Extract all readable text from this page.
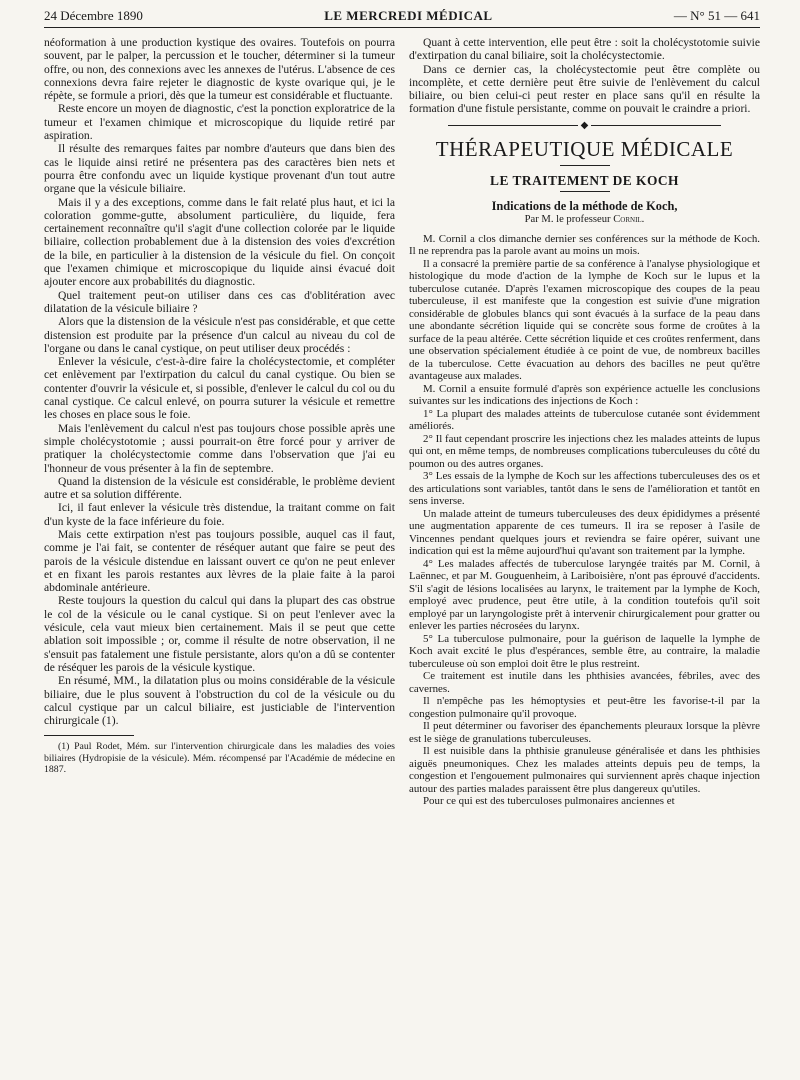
24 Décembre 1890	LE MERCREDI MÉDICAL	— N° 51 — 641

néoformation à une production kystique des ovaires. Toutefois on pourra souvent, par le palper, la percussion et le toucher, déterminer si la tumeur offre, ou non, des connexions avec les annexes de l'utérus. L'absence de ces connexions devra faire rejeter le diagnostic de kyste ovarique qui, je le répète, se formule a priori, dès que la tumeur est considérable et fluctuante.

Reste encore un moyen de diagnostic, c'est la ponction exploratrice de la tumeur et l'examen chimique et microscopique du liquide retiré par aspiration.

Il résulte des remarques faites par nombre d'auteurs que dans bien des cas le liquide ainsi retiré ne présentera pas des caractères bien nets et pourra être confondu avec un liquide kystique provenant d'un tout autre organe que la vésicule biliaire.

Mais il y a des exceptions, comme dans le fait relaté plus haut, et ici la coloration gomme-gutte, absolument particulière, du liquide, fera certainement reconnaître qu'il s'agit d'une collection colorée par le liquide biliaire, collection probablement due à la distension des voies d'excrétion de la bile, en particulier à la distension de la vésicule du fiel. On conçoit que l'examen chimique et microscopique du liquide ainsi évacué doit ajouter encore aux probabilités du diagnostic.

Quel traitement peut-on utiliser dans ces cas d'oblitération avec dilatation de la vésicule biliaire ?

Alors que la distension de la vésicule n'est pas considérable, et que cette distension est produite par la présence d'un calcul au niveau du col de l'organe ou dans le canal cystique, on peut utiliser deux procédés :

Enlever la vésicule, c'est-à-dire faire la cholécystectomie, et compléter cet enlèvement par l'extirpation du calcul du canal cystique. Ou bien se contenter d'ouvrir la vésicule et, si possible, d'enlever le calcul du col ou du canal cystique. Ce calcul enlevé, on pourra suturer la vésicule et remettre les choses en place sous le foie.

Mais l'enlèvement du calcul n'est pas toujours chose possible après une simple cholécystotomie ; aussi pourrait-on être forcé pour y arriver de pratiquer la cholécystectomie comme dans l'observation que j'ai eu l'honneur de vous présenter à la fin de septembre.

Quand la distension de la vésicule est considérable, le problème devient autre et sa solution différente.

Ici, il faut enlever la vésicule très distendue, la traitant comme on fait d'un kyste de la face inférieure du foie.

Mais cette extirpation n'est pas toujours possible, auquel cas il faut, comme je l'ai fait, se contenter de réséquer autant que faire se peut des parois de la vésicule distendue en laissant ouvert ce qu'on ne peut enlever et en fixant les parois restantes aux lèvres de la plaie faite à la paroi abdominale antérieure.

Reste toujours la question du calcul qui dans la plupart des cas obstrue le col de la vésicule ou le canal cystique. Si on peut l'enlever avec la vésicule, cela vaut mieux bien certainement. Mais il se peut que cette ablation soit impossible ; or, comme il résulte de notre observation, il ne s'ensuit pas fatalement une fistule persistante, alors qu'on a dû se contenter de réséquer les parois de la vésicule kystique.

En résumé, MM., la dilatation plus ou moins considérable de la vésicule biliaire, due le plus souvent à l'obstruction du col de la vésicule ou du calcul cystique par un calcul biliaire, est justiciable de l'intervention chirurgicale (1).

(1) Paul Rodet, Mém. sur l'intervention chirurgicale dans les maladies des voies biliaires (Hydropisie de la vésicule). Mém. récompensé par l'Académie de médecine en 1887.

Quant à cette intervention, elle peut être : soit la cholécystotomie suivie d'extirpation du canal biliaire, soit la cholécystectomie.

Dans ce dernier cas, la cholécystectomie peut être complète ou incomplète, et cette dernière peut être suivie de l'enlèvement du calcul biliaire, ou bien celui-ci peut rester en place sans qu'il en résulte la formation d'une fistule persistante, comme on pouvait le craindre a priori.

◆
THÉRAPEUTIQUE MÉDICALE
LE TRAITEMENT DE KOCH
Indications de la méthode de Koch,
Par M. le professeur Cornil.

M. Cornil a clos dimanche dernier ses conférences sur la méthode de Koch. Il ne reprendra pas la parole avant au moins un mois.

Il a consacré la première partie de sa conférence à l'analyse physiologique et histologique du mode d'action de la lymphe de Koch sur le lupus et la tuberculose cutanée. D'après l'examen microscopique des coupes de la peau tuberculeuse, il est manifeste que la congestion est suivie d'une migration considérable de globules blancs qui sont évacués à la surface de la peau dans une abondante sécrétion liquide qui se concrète sous forme de croûtes à la surface de la peau altérée. Cette sécrétion liquide et ces croûtes renferment, dans une observation spécialement étudiée à ce point de vue, de nombreux bacilles de la tuberculose. Cette évacuation au dehors des bacilles ne peut qu'être avantageuse aux malades.

M. Cornil a ensuite formulé d'après son expérience actuelle les conclusions suivantes sur les indications des injections de Koch :

1° La plupart des malades atteints de tuberculose cutanée sont évidemment améliorés.

2° Il faut cependant proscrire les injections chez les malades atteints de lupus qui ont, en même temps, de nombreuses complications tuberculeuses du côté du poumon ou des autres organes.

3° Les essais de la lymphe de Koch sur les affections tuberculeuses des os et des articulations sont variables, tantôt dans le sens de l'amélioration et tantôt en sens inverse.

Un malade atteint de tumeurs tuberculeuses des deux épididymes a présenté une augmentation apparente de ces tumeurs. Il ira se reposer à l'asile de Vincennes pendant quelques jours et reviendra se faire opérer, suivant une indication qui est la même aujourd'hui qu'avant son traitement par la lymphe.

4° Les malades affectés de tuberculose laryngée traités par M. Cornil, à Laënnec, et par M. Gouguenheim, à Lariboisière, n'ont pas éprouvé d'accidents. S'il s'agit de lésions localisées au larynx, le traitement par la lymphe de Koch, employé avec prudence, peut être utile, à la condition toutefois qu'il soit employé par un laryngologiste prêt à intervenir chirurgicalement pour gratter ou enlever les parties nécrosées du larynx.

5° La tuberculose pulmonaire, pour la guérison de laquelle la lymphe de Koch avait excité le plus d'espérances, semble être, au contraire, la maladie tuberculeuse où son emploi doit être le plus restreint.

Ce traitement est inutile dans les phthisies avancées, fébriles, avec des cavernes.

Il n'empêche pas les hémoptysies et peut-être les favorise-t-il par la congestion pulmonaire qu'il provoque.

Il peut déterminer ou favoriser des épanchements pleuraux lorsque la plèvre est le siège de granulations tuberculeuses.

Il est nuisible dans la phthisie granuleuse généralisée et dans les phthisies aiguës pneumoniques. Chez les malades atteints depuis peu de temps, la congestion et l'engouement pulmonaires qui surviennent après chaque injection autour des parties malades paraissent être plus dangereux qu'utiles.

Pour ce qui est des tuberculoses pulmonaires anciennes et
